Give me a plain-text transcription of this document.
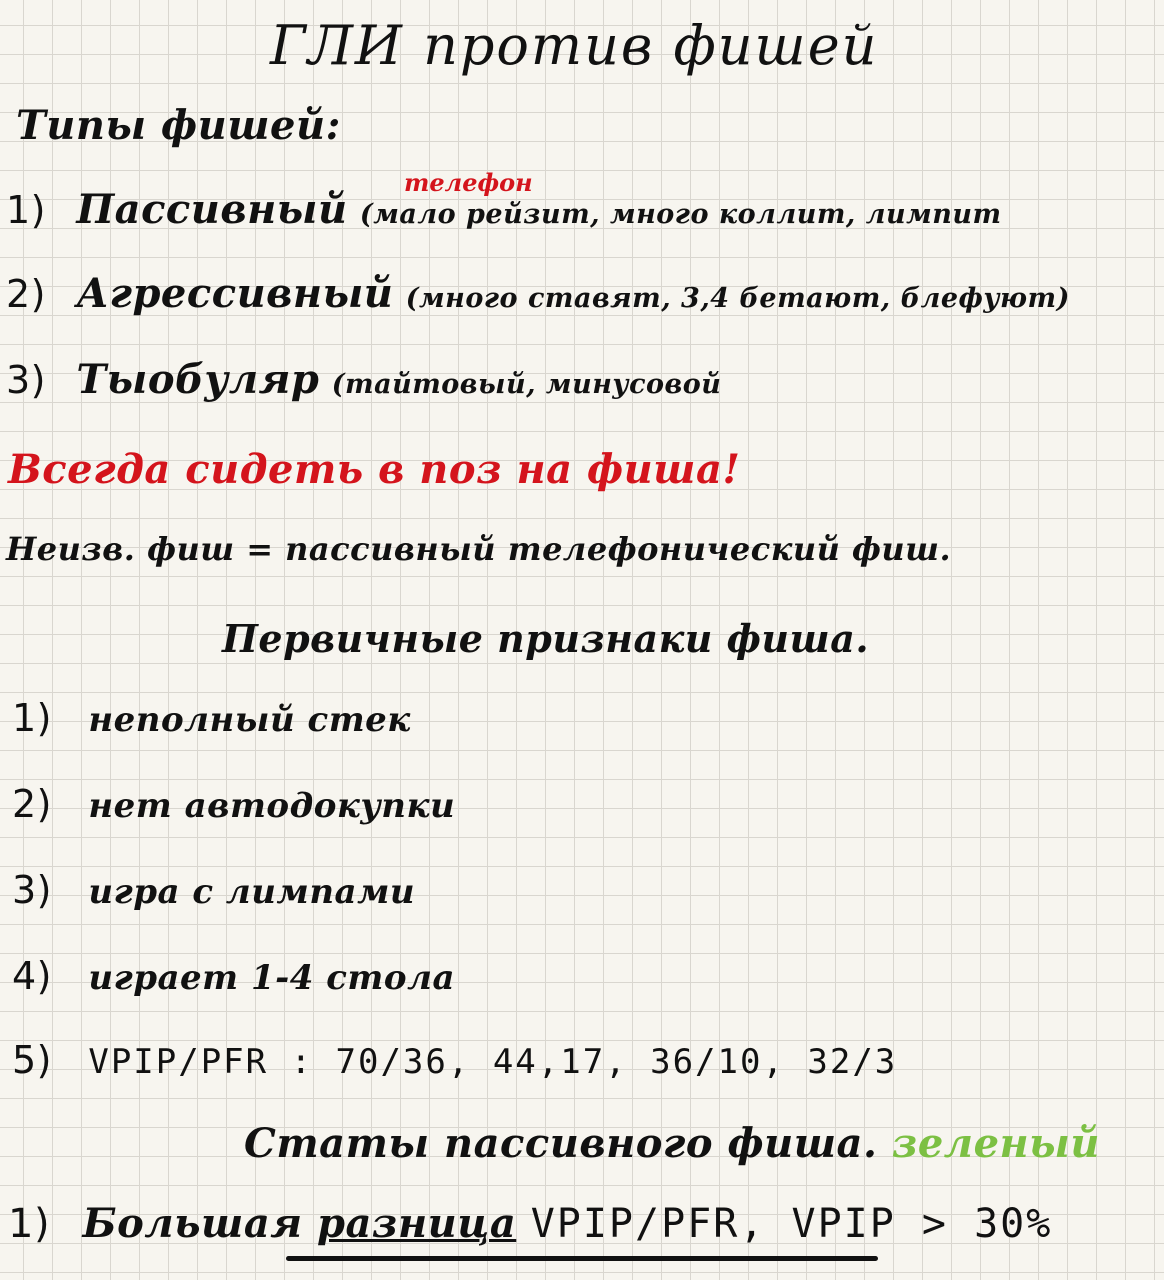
ГЛИ против фишей
Типы фишей:
телефон
1) Пассивный (мало рейзит, много коллит, лимпит
2) Агрессивный (много ставят, 3,4 бетают, блефуют)
3) Тыобуляр (тайтовый, минусовой
Всегда сидеть в поз на фиша!
Неизв. фиш = пассивный телефонический фиш.
Первичные признаки фиша.
1) неполный стек
2) нет автодокупки
3) игра с лимпами
4) играет 1-4 стола
5) VPIP/PFR : 70/36, 44,17, 36/10, 32/3
Статы пассивного фиша. зеленый
1) Большая разница VPIP/PFR, VPIP > 30%
